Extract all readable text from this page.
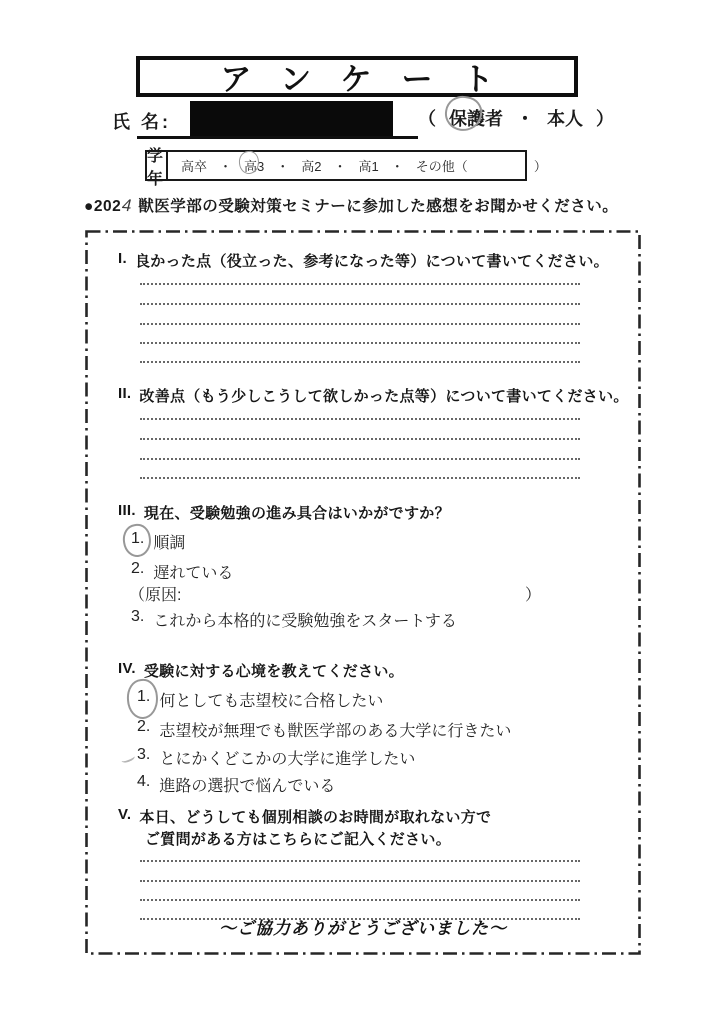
アンケート
氏 名:	（ 保護者 ・ 本人 ）
学年
高卒 ・ 高3 ・ 高2 ・ 高1 ・ その他（	）
●202
4 獣医学部の受験対策セミナーに参加した感想をお聞かせください。
I. 良かった点（役立った、参考になった等）について書いてください。
II. 改善点（もう少しこうして欲しかった点等）について書いてください。
III. 現在、受験勉強の進み具合はいかがですか？
1. 順調
2. 遅れている
（原因:	）
3. これから本格的に受験勉強をスタートする
IV. 受験に対する心境を教えてください。
1. 何としても志望校に合格したい
2. 志望校が無理でも獣医学部のある大学に行きたい
3. とにかくどこかの大学に進学したい
4. 進路の選択で悩んでいる
V. 本日、どうしても個別相談のお時間が取れない方で
ご質問がある方はこちらにご記入ください。
～ご協力ありがとうございました～
